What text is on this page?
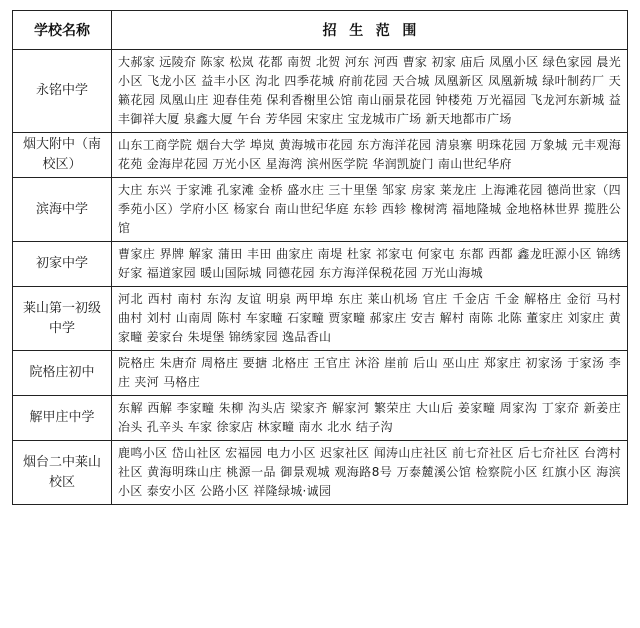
学校名称	招生范围
永铭中学	大郝家 远陵夼 陈家 松岚 花都 南贺 北贺 河东 河西 曹家 初家 庙后 凤凰小区 绿色家园 晨光小区 飞龙小区 益丰小区 沟北 四季花城 府前花园 天合城 凤凰新区 凤凰新城 绿叶制药厂 天籁花园 凤凰山庄 迎春佳苑 保利香榭里公馆 南山丽景花园 钟楼苑 万光福园 飞龙河东新城 益丰御祥大厦 泉鑫大厦 午台 芳华园 宋家庄 宝龙城市广场 新天地都市广场
烟大附中（南校区）	山东工商学院 烟台大学 埠岚 黄海城市花园 东方海洋花园 清泉寨 明珠花园 万象城 元丰观海花苑 金海岸花园 万光小区 星海湾 滨州医学院 华润凯旋门 南山世纪华府
滨海中学	大庄 东兴 于家滩 孔家滩 金桥 盛水庄 三十里堡 邹家 房家 莱龙庄 上海滩花园 德尚世家（四季苑小区）学府小区 杨家台 南山世纪华庭 东轸 西轸 橡树湾 福地隆城 金地格林世界 揽胜公馆
初家中学	曹家庄 界牌 解家 蒲田 丰田 曲家庄 南堤 杜家 祁家屯 何家屯 东都 西都 鑫龙旺源小区 锦绣好家 福道家园 暖山国际城 同德花园 东方海洋保税花园 万光山海城
莱山第一初级中学	河北 西村 南村 东沟 友谊 明泉 两甲埠 东庄 莱山机场 官庄 千金店 千金 解格庄 金衍 马村 曲村 刘村 山南周 陈村 车家疃 石家疃 贾家疃 郝家庄 安吉 解村 南陈 北陈 董家庄 刘家庄 黄家疃 姜家台 朱堤堡 锦绣家园 逸品香山
院格庄初中	院格庄 朱唐夼 周格庄 要搪 北格庄 王官庄 沐浴 崖前 后山 巫山庄 郑家庄 初家汤 于家汤 李庄 夹河 马格庄
解甲庄中学	东解 西解 李家疃 朱柳 沟头店 梁家齐 解家河 繁荣庄 大山后 姜家疃 周家沟 丁家夼 新姜庄 冶头 孔辛头 车家 徐家店 林家疃 南水 北水 结子沟
烟台二中莱山校区	鹿鸣小区 岱山社区 宏福园 电力小区 迟家社区 闻涛山庄社区 前七夼社区 后七夼社区 台湾村社区 黄海明珠山庄 桃源一品 御景观城 观海路8号 万泰麓溪公馆 检察院小区 红旗小区 海滨小区 泰安小区 公路小区 祥隆绿城·诚园
